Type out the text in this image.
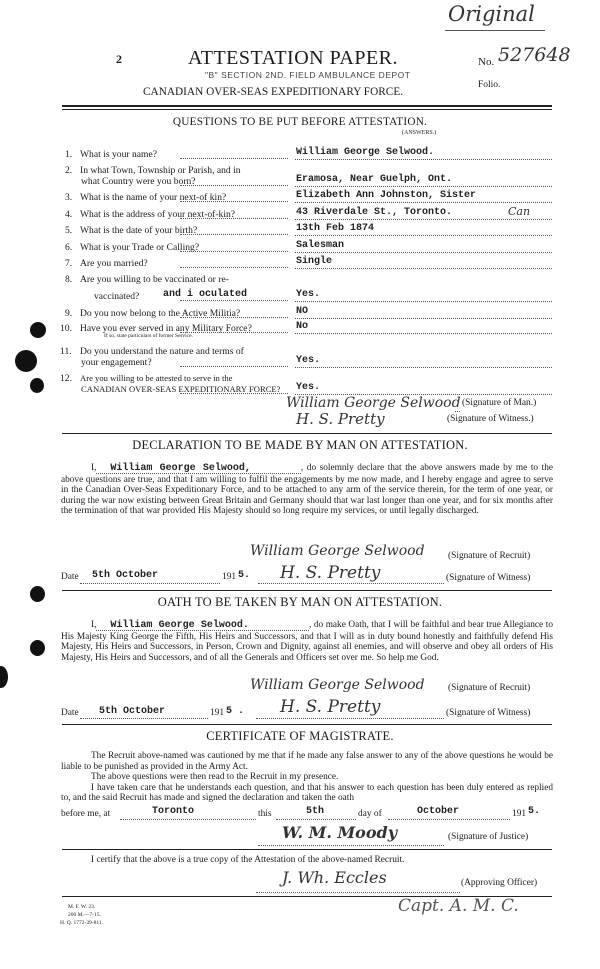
Original
2	ATTESTATION PAPER.
"B" SECTION 2ND. FIELD AMBULANCE DEPOT
No. 527648
Folio.
CANADIAN OVER-SEAS EXPEDITIONARY FORCE.
QUESTIONS TO BE PUT BEFORE ATTESTATION.
(ANSWERS.)
1. What is your name?	William George Selwood.
2. In what Town, Township or Parish, and in
what Country were you born?	Eramosa, Near Guelph, Ont.
3. What is the name of your next-of kin?	Elizabeth Ann Johnston, Sister
4. What is the address of your next-of-kin?	43 Riverdale St., Toronto.	Can
5. What is the date of your birth?	13th Feb 1874
6. What is your Trade or Calling?	Salesman
7. Are you married?	Single
8. Are you willing to be vaccinated or re-
vaccinated?	Yes.
and i oculated
9. Do you now belong to the Active Militia?	NO
10. Have you ever served in any Military Force?	No
If so, state particulars of former Service.
11. Do you understand the nature and terms of
your engagement?	Yes.
12. Are you willing to be attested to serve in the
CANADIAN OVER-SEAS EXPEDITIONARY FORCE? Yes.
William George Selwood (Signature of Man.)
H. S. Pretty	(Signature of Witness.)
DECLARATION TO BE MADE BY MAN ON ATTESTATION.

I, William George Selwood,	, do solemnly declare that the above answers made by me to the above questions are true, and that I am willing to fulfil the engagements by me now made, and I hereby engage and agree to serve in the Canadian Over-Seas Expeditionary Force, and to be attached to any arm of the service therein, for the term of one year, or during the war now existing between Great Britain and Germany should that war last longer than one year, and for six months after the termination of that war provided His Majesty should so long require my services, or until legally discharged.

William George Selwood (Signature of Recruit)
Date 5th October	191 5. H. S. Pretty	(Signature of Witness)
OATH TO BE TAKEN BY MAN ON ATTESTATION.

I, William George Selwood.	, do make Oath, that I will be faithful and bear true Allegiance to His Majesty King George the Fifth, His Heirs and Successors, and that I will as in duty bound honestly and faithfully defend His Majesty, His Heirs and Successors, in Person, Crown and Dignity, against all enemies, and will observe and obey all orders of His Majesty, His Heirs and Successors, and of all the Generals and Officers set over me. So help me God.

William George Selwood (Signature of Recruit)
Date 5th October	191 5 . H. S. Pretty	(Signature of Witness)
CERTIFICATE OF MAGISTRATE.

The Recruit above-named was cautioned by me that if he made any false answer to any of the above questions he would be liable to be punished as provided in the Army Act.

The above questions were then read to the Recruit in my presence.

I have taken care that he understands each question, and that his answer to each question has been duly entered as replied to, and the said Recruit has made and signed the declaration and taken the oath

before me, at	Toronto	this	5th	day of	October	191 5.
W. M. Moody	(Signature of Justice)
I certify that the above is a true copy of the Attestation of the above-named Recruit.
J. Wh. Eccles	(Approving Officer)
Capt. A. M. C.
M. F. W. 23.
200 M.—7-15.
H. Q. 1772-39-811.
